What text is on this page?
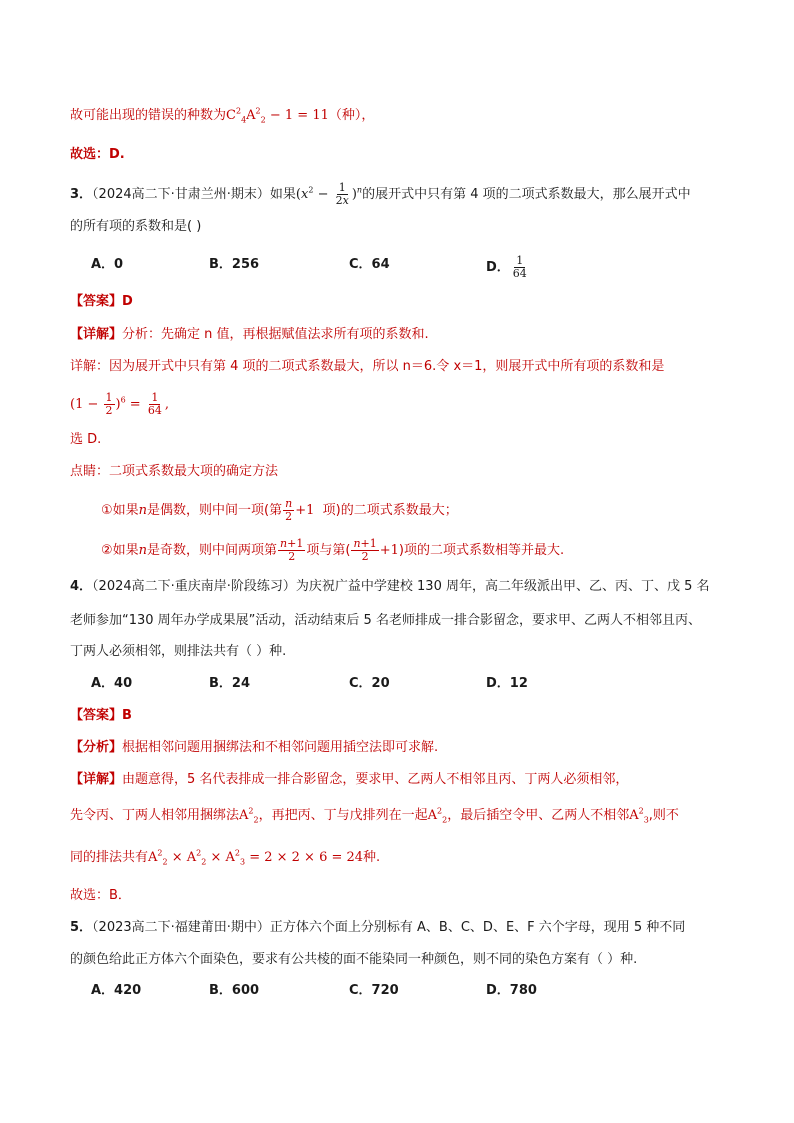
故可能出现的错误的种数为$C^2_4A^2_2 - 1 = 11$（种），
故选：D.
3．（2024高二下·甘肃兰州·期末）如果$(x^2 - \frac{1}{2x} )^n$的展开式中只有第 4 项的二项式系数最大，那么展开式中
的所有项的系数和是( )
A．0	B．256	C．64	D． $\frac{1}{64}$
【答案】D
【详解】分析：先确定 n 值，再根据赋值法求所有项的系数和.
详解：因为展开式中只有第 4 项的二项式系数最大，所以 n＝6.令 x＝1，则展开式中所有项的系数和是
$(1 - \frac{1}{2} )^6 = \frac{1}{64}$ ,
选 D.
点睛：二项式系数最大项的确定方法
①如果n是偶数，则中间一项(第 $\frac{n}{2} +1$ 项)的二项式系数最大；
②如果n是奇数，则中间两项第 $\frac{n+1}{2}$ 项与第( $\frac{n+1}{2} +1$)项的二项式系数相等并最大.
4．（2024高二下·重庆南岸·阶段练习）为庆祝广益中学建校 130 周年，高二年级派出甲、乙、丙、丁、戊 5 名
老师参加“130 周年办学成果展”活动，活动结束后 5 名老师排成一排合影留念，要求甲、乙两人不相邻且丙、
丁两人必须相邻，则排法共有（ ）种.
A．40	B．24	C．20	D．12
【答案】B
【分析】根据相邻问题用捆绑法和不相邻问题用插空法即可求解.
【详解】由题意得，5 名代表排成一排合影留念，要求甲、乙两人不相邻且丙、丁两人必须相邻，
先令丙、丁两人相邻用捆绑法$A^2_2$，再把丙、丁与戊排列在一起$A^2_2$，最后插空令甲、乙两人不相邻$A^2_3$,则不
同的排法共有$A^2_2 \times A^2_2 \times A^2_3 = 2 \times 2 \times 6 = 24$种.
故选：B．
5．（2023高二下·福建莆田·期中）正方体六个面上分别标有 A、B、C、D、E、F 六个字母，现用 5 种不同
的颜色给此正方体六个面染色，要求有公共棱的面不能染同一种颜色，则不同的染色方案有（ ）种.
A．420	B．600	C．720	D．780
